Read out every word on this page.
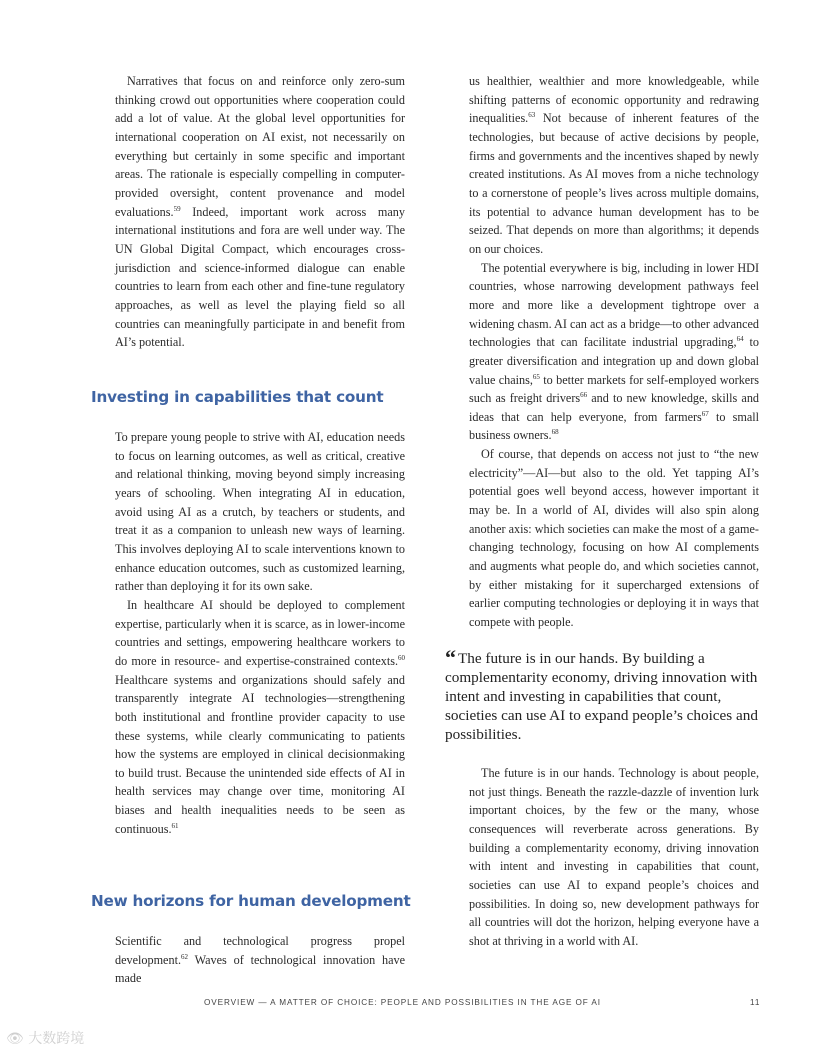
Narratives that focus on and reinforce only zero-sum thinking crowd out opportunities where cooperation could add a lot of value. At the global level opportunities for international cooperation on AI exist, not necessarily on everything but certainly in some specific and important areas. The rationale is especially compelling in computer-provided oversight, content provenance and model evaluations.$^{59}$ Indeed, important work across many international institutions and fora are well under way. The UN Global Digital Compact, which encourages cross-jurisdiction and science-informed dialogue can enable countries to learn from each other and fine-tune regulatory approaches, as well as level the playing field so all countries can meaningfully participate in and benefit from AI’s potential.

Investing in capabilities that count

To prepare young people to strive with AI, education needs to focus on learning outcomes, as well as critical, creative and relational thinking, moving beyond simply increasing years of schooling. When integrating AI in education, avoid using AI as a crutch, by teachers or students, and treat it as a companion to unleash new ways of learning. This involves deploying AI to scale interventions known to enhance education outcomes, such as customized learning, rather than deploying it for its own sake.

In healthcare AI should be deployed to complement expertise, particularly when it is scarce, as in lower-income countries and settings, empowering healthcare workers to do more in resource- and expertise-constrained contexts.$^{60}$ Healthcare systems and organizations should safely and transparently integrate AI technologies—strengthening both institutional and frontline provider capacity to use these systems, while clearly communicating to patients how the systems are employed in clinical decisionmaking to build trust. Because the unintended side effects of AI in health services may change over time, monitoring AI biases and health inequalities needs to be seen as continuous.$^{61}$

New horizons for human development

Scientific and technological progress propel development.$^{62}$ Waves of technological innovation have made

us healthier, wealthier and more knowledgeable, while shifting patterns of economic opportunity and redrawing inequalities.$^{63}$ Not because of inherent features of the technologies, but because of active decisions by people, firms and governments and the incentives shaped by newly created institutions. As AI moves from a niche technology to a cornerstone of people’s lives across multiple domains, its potential to advance human development has to be seized. That depends on more than algorithms; it depends on our choices.

The potential everywhere is big, including in lower HDI countries, whose narrowing development pathways feel more and more like a development tightrope over a widening chasm. AI can act as a bridge—to other advanced technologies that can facilitate industrial upgrading,$^{64}$ to greater diversification and integration up and down global value chains,$^{65}$ to better markets for self-employed workers such as freight drivers$^{66}$ and to new knowledge, skills and ideas that can help everyone, from farmers$^{67}$ to small business owners.$^{68}$

Of course, that depends on access not just to “the new electricity”—AI—but also to the old. Yet tapping AI’s potential goes well beyond access, however important it may be. In a world of AI, divides will also spin along another axis: which societies can make the most of a game-changing technology, focusing on how AI complements and augments what people do, and which societies cannot, by either mistaking for it supercharged extensions of earlier computing technologies or deploying it in ways that compete with people.

“ The future is in our hands. By building a complementarity economy, driving innovation with intent and investing in capabilities that count, societies can use AI to expand people’s choices and possibilities.

The future is in our hands. Technology is about people, not just things. Beneath the razzle-dazzle of invention lurk important choices, by the few or the many, whose consequences will reverberate across generations. By building a complementarity economy, driving innovation with intent and investing in capabilities that count, societies can use AI to expand people’s choices and possibilities. In doing so, new development pathways for all countries will dot the horizon, helping everyone have a shot at thriving in a world with AI.

OVERVIEW — A MATTER OF CHOICE: PEOPLE AND POSSIBILITIES IN THE AGE OF AI	11
👁 大数跨境
